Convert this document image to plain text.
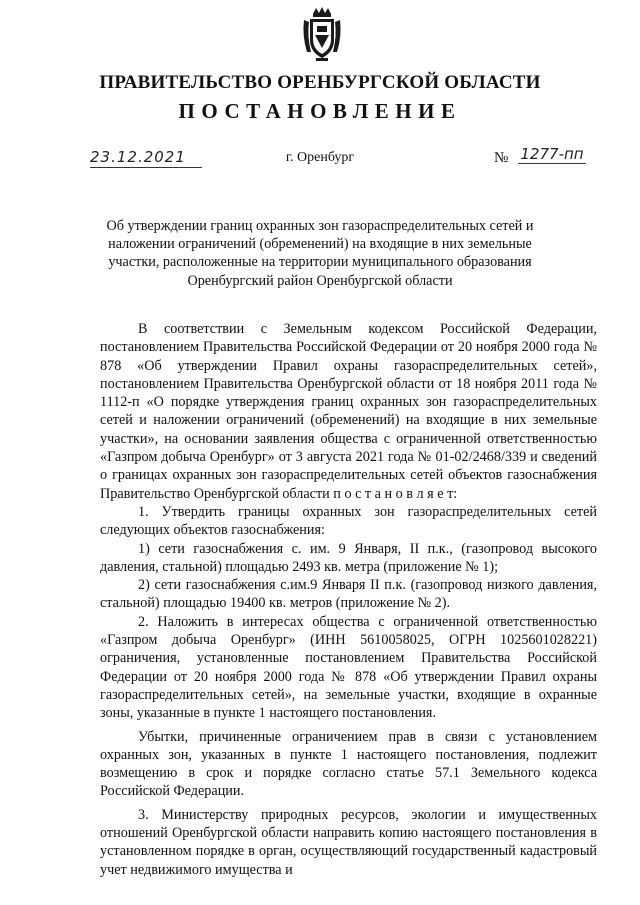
ПРАВИТЕЛЬСТВО ОРЕНБУРГСКОЙ ОБЛАСТИ
ПОСТАНОВЛЕНИЕ
23.12.2021	г. Оренбург	№ 1277-пп
Об утверждении границ охранных зон газораспределительных сетей и наложении ограничений (обременений) на входящие в них земельные участки, расположенные на территории муниципального образования Оренбургский район Оренбургской области

В соответствии с Земельным кодексом Российской Федерации, постановлением Правительства Российской Федерации от 20 ноября 2000 года № 878 «Об утверждении Правил охраны газораспределительных сетей», постановлением Правительства Оренбургской области от 18 ноября 2011 года № 1112-п «О порядке утверждения границ охранных зон газораспределительных сетей и наложении ограничений (обременений) на входящие в них земельные участки», на основании заявления общества с ограниченной ответственностью «Газпром добыча Оренбург» от 3 августа 2021 года № 01-02/2468/339 и сведений о границах охранных зон газораспределительных сетей объектов газоснабжения Правительство Оренбургской области п о с т а н о в л я е т:

1. Утвердить границы охранных зон газораспределительных сетей следующих объектов газоснабжения:

1) сети газоснабжения с. им. 9 Января, II п.к., (газопровод высокого давления, стальной) площадью 2493 кв. метра (приложение № 1);

2) сети газоснабжения с.им.9 Января II п.к. (газопровод низкого давления, стальной) площадью 19400 кв. метров (приложение № 2).

2. Наложить в интересах общества с ограниченной ответственностью «Газпром добыча Оренбург» (ИНН 5610058025, ОГРН 1025601028221) ограничения, установленные постановлением Правительства Российской Федерации от 20 ноября 2000 года № 878 «Об утверждении Правил охраны газораспределительных сетей», на земельные участки, входящие в охранные зоны, указанные в пункте 1 настоящего постановления.

Убытки, причиненные ограничением прав в связи с установлением охранных зон, указанных в пункте 1 настоящего постановления, подлежит возмещению в срок и порядке согласно статье 57.1 Земельного кодекса Российской Федерации.

3. Министерству природных ресурсов, экологии и имущественных отношений Оренбургской области направить копию настоящего постановления в установленном порядке в орган, осуществляющий государственный кадастровый учет недвижимого имущества и
